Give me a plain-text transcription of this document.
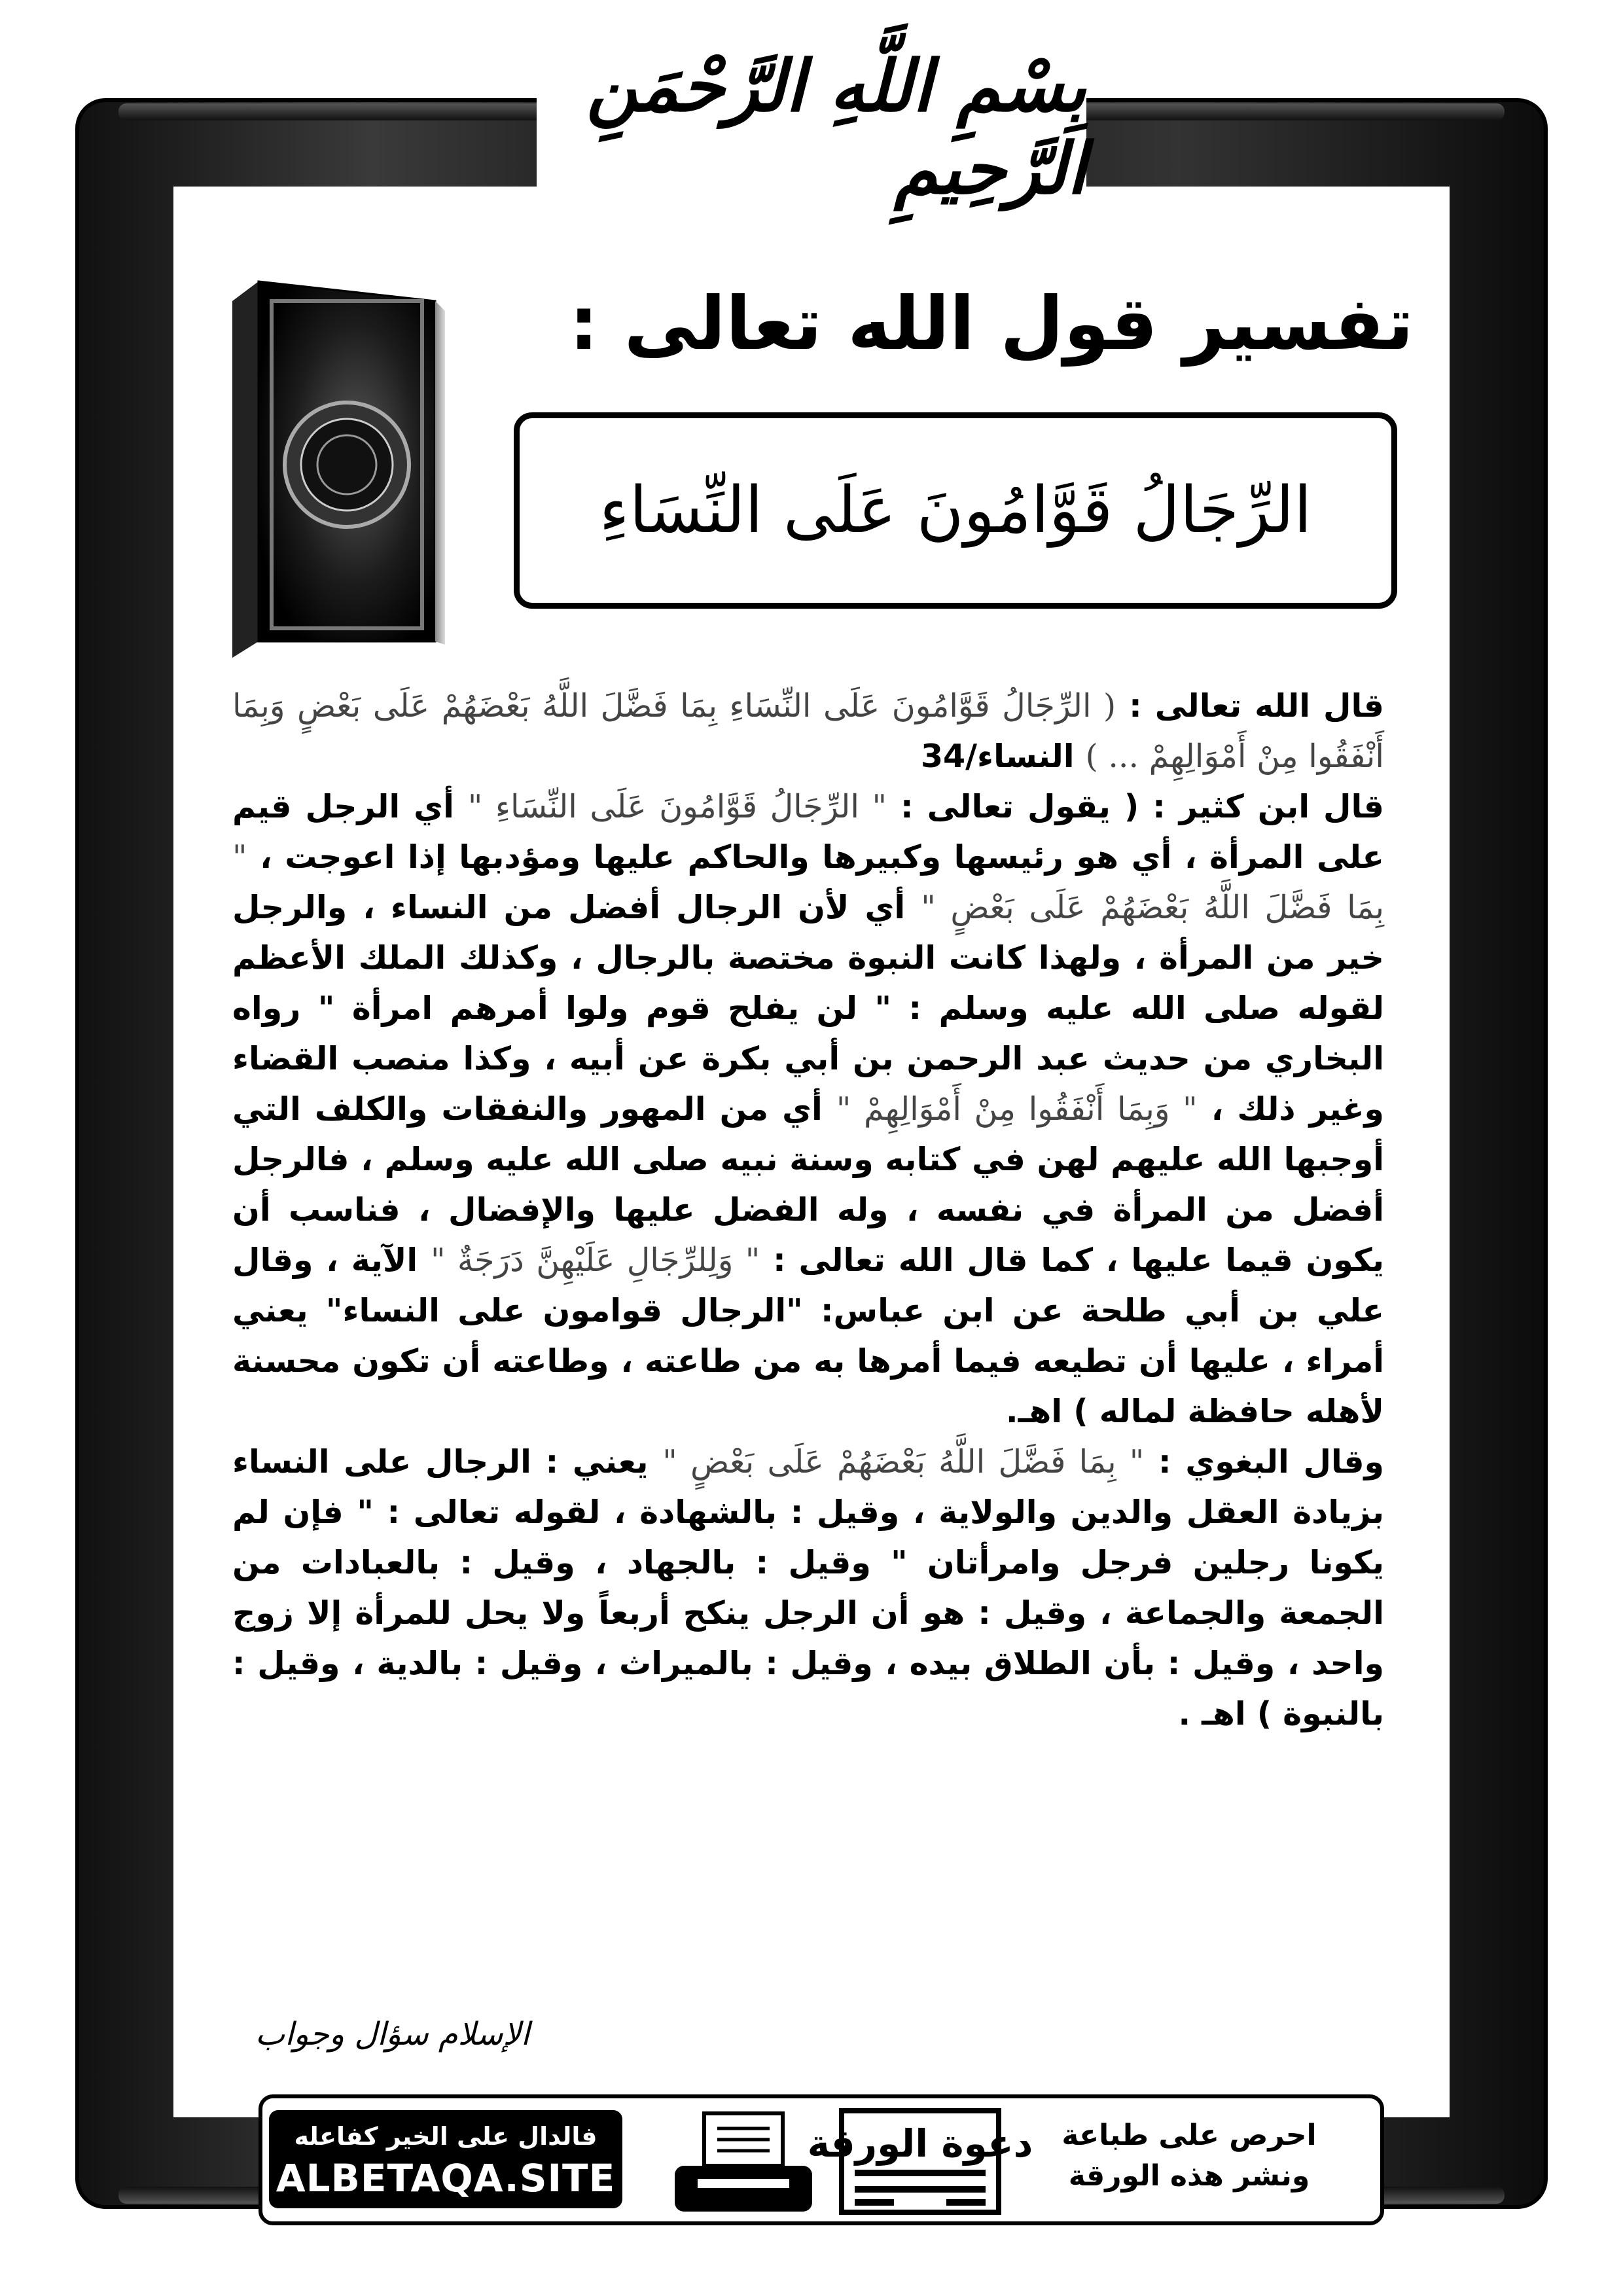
بِسْمِ اللَّهِ الرَّحْمَنِ الرَّحِيمِ
تفسير قول الله تعالى :
الرِّجَالُ قَوَّامُونَ عَلَى النِّسَاءِ

قال الله تعالى : ( الرِّجَالُ قَوَّامُونَ عَلَى النِّسَاءِ بِمَا فَضَّلَ اللَّهُ بَعْضَهُمْ عَلَى بَعْضٍ وَبِمَا أَنْفَقُوا مِنْ أَمْوَالِهِمْ ... ) النساء/34

قال ابن كثير : ( يقول تعالى : " الرِّجَالُ قَوَّامُونَ عَلَى النِّسَاءِ " أي الرجل قيم على المرأة ، أي هو رئيسها وكبيرها والحاكم عليها ومؤدبها إذا اعوجت ، " بِمَا فَضَّلَ اللَّهُ بَعْضَهُمْ عَلَى بَعْضٍ " أي لأن الرجال أفضل من النساء ، والرجل خير من المرأة ، ولهذا كانت النبوة مختصة بالرجال ، وكذلك الملك الأعظم لقوله صلى الله عليه وسلم : " لن يفلح قوم ولوا أمرهم امرأة " رواه البخاري من حديث عبد الرحمن بن أبي بكرة عن أبيه ، وكذا منصب القضاء وغير ذلك ، " وَبِمَا أَنْفَقُوا مِنْ أَمْوَالِهِمْ " أي من المهور والنفقات والكلف التي أوجبها الله عليهم لهن في كتابه وسنة نبيه صلى الله عليه وسلم ، فالرجل أفضل من المرأة في نفسه ، وله الفضل عليها والإفضال ، فناسب أن يكون قيما عليها ، كما قال الله تعالى : " وَلِلرِّجَالِ عَلَيْهِنَّ دَرَجَةٌ " الآية ، وقال علي بن أبي طلحة عن ابن عباس: "الرجال قوامون على النساء" يعني أمراء ، عليها أن تطيعه فيما أمرها به من طاعته ، وطاعته أن تكون محسنة لأهله حافظة لماله ) اهـ.

وقال البغوي : " بِمَا فَضَّلَ اللَّهُ بَعْضَهُمْ عَلَى بَعْضٍ " يعني : الرجال على النساء بزيادة العقل والدين والولاية ، وقيل : بالشهادة ، لقوله تعالى : " فإن لم يكونا رجلين فرجل وامرأتان " وقيل : بالجهاد ، وقيل : بالعبادات من الجمعة والجماعة ، وقيل : هو أن الرجل ينكح أربعاً ولا يحل للمرأة إلا زوج واحد ، وقيل : بأن الطلاق بيده ، وقيل : بالميراث ، وقيل : بالدية ، وقيل : بالنبوة ) اهـ .

الإسلام سؤال وجواب
فالدال على الخير كفاعله
ALBETAQA.SITE
دعوة الورقة	احرص على طباعة
ونشر هذه الورقة
